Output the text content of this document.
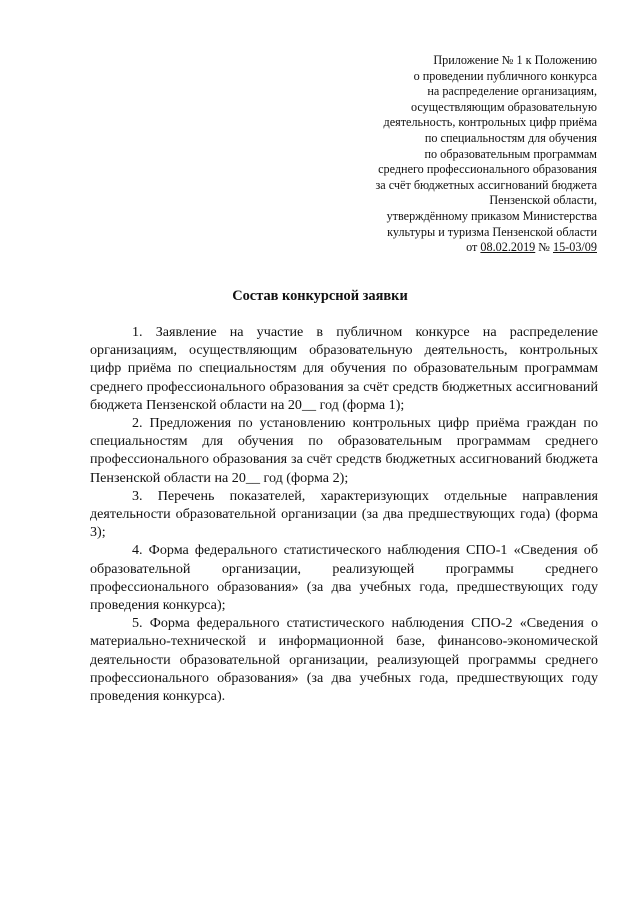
Приложение № 1 к Положению
о проведении публичного конкурса
на распределение организациям,
осуществляющим образовательную
деятельность, контрольных цифр приёма
по специальностям для обучения
по образовательным программам
среднего профессионального образования
за счёт бюджетных ассигнований бюджета
Пензенской области,
утверждённому приказом Министерства
культуры и туризма Пензенской области
от 08.02.2019 № 15-03/09
Состав конкурсной заявки

1. Заявление на участие в публичном конкурсе на распределение организациям, осуществляющим образовательную деятельность, контрольных цифр приёма по специальностям для обучения по образовательным программам среднего профессионального образования за счёт средств бюджетных ассигнований бюджета Пензенской области на 20__ год (форма 1);

2. Предложения по установлению контрольных цифр приёма граждан по специальностям для обучения по образовательным программам среднего профессионального образования за счёт средств бюджетных ассигнований бюджета Пензенской области на 20__ год (форма 2);

3. Перечень показателей, характеризующих отдельные направления деятельности образовательной организации (за два предшествующих года) (форма 3);

4. Форма федерального статистического наблюдения СПО-1 «Сведения об образовательной организации, реализующей программы среднего профессионального образования» (за два учебных года, предшествующих году проведения конкурса);

5. Форма федерального статистического наблюдения СПО-2 «Сведения о материально-технической и информационной базе, финансово-экономической деятельности образовательной организации, реализующей программы среднего профессионального образования» (за два учебных года, предшествующих году проведения конкурса).
